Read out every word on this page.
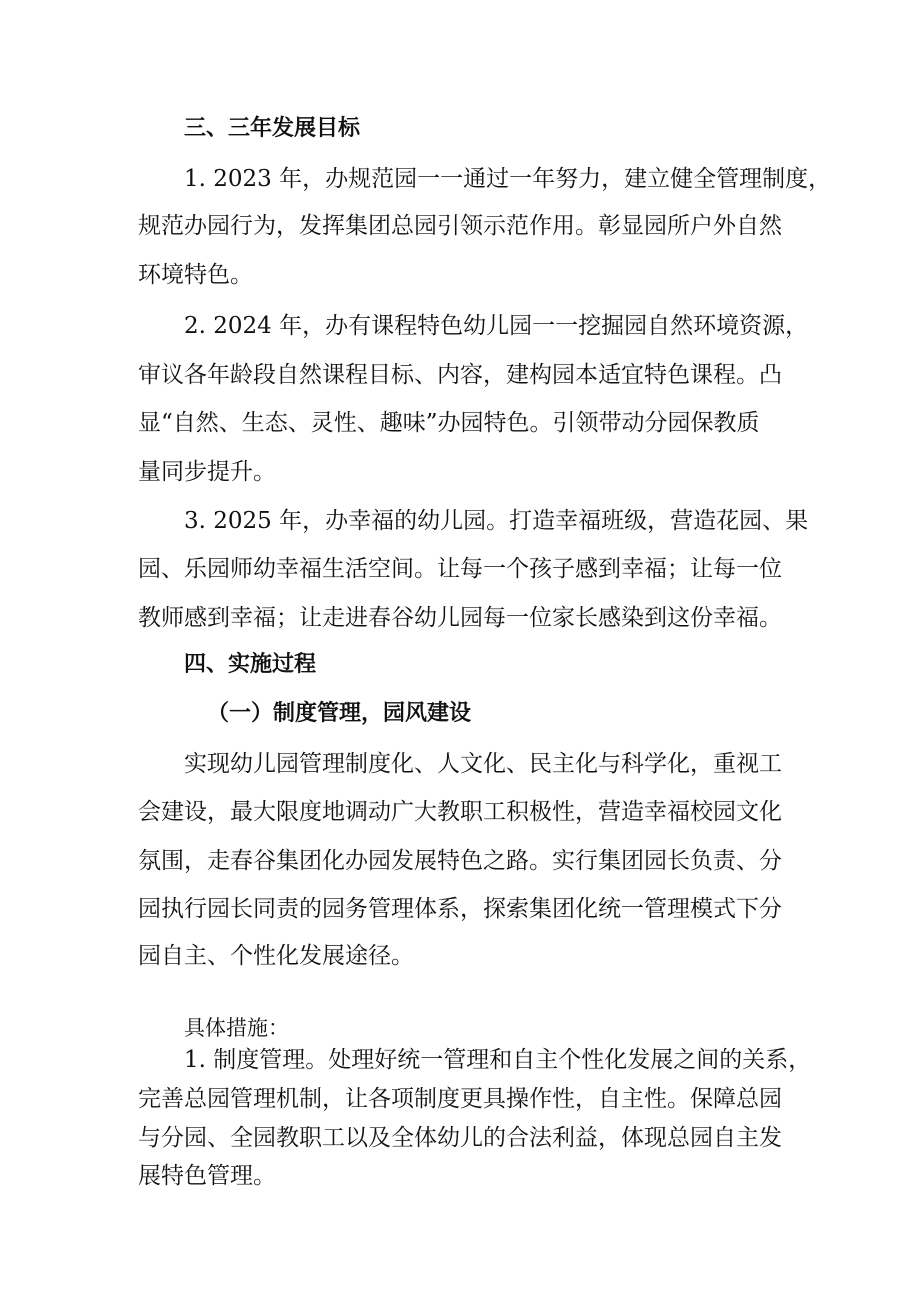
三、三年发展目标
1. 2023 年，办规范园一一通过一年努力，建立健全管理制度，
规范办园行为，发挥集团总园引领示范作用。彰显园所户外自然
环境特色。
2. 2024 年，办有课程特色幼儿园一一挖掘园自然环境资源，
审议各年龄段自然课程目标、内容，建构园本适宜特色课程。凸
显“自然、生态、灵性、趣味”办园特色。引领带动分园保教质
量同步提升。
3. 2025 年，办幸福的幼儿园。打造幸福班级，营造花园、果
园、乐园师幼幸福生活空间。让每一个孩子感到幸福；让每一位
教师感到幸福；让走进春谷幼儿园每一位家长感染到这份幸福。
四、实施过程
（一）制度管理，园风建设
实现幼儿园管理制度化、人文化、民主化与科学化，重视工
会建设，最大限度地调动广大教职工积极性，营造幸福校园文化
氛围，走春谷集团化办园发展特色之路。实行集团园长负责、分
园执行园长同责的园务管理体系，探索集团化统一管理模式下分
园自主、个性化发展途径。
具体措施：
1. 制度管理。处理好统一管理和自主个性化发展之间的关系，
完善总园管理机制，让各项制度更具操作性，自主性。保障总园
与分园、全园教职工以及全体幼儿的合法利益，体现总园自主发
展特色管理。
